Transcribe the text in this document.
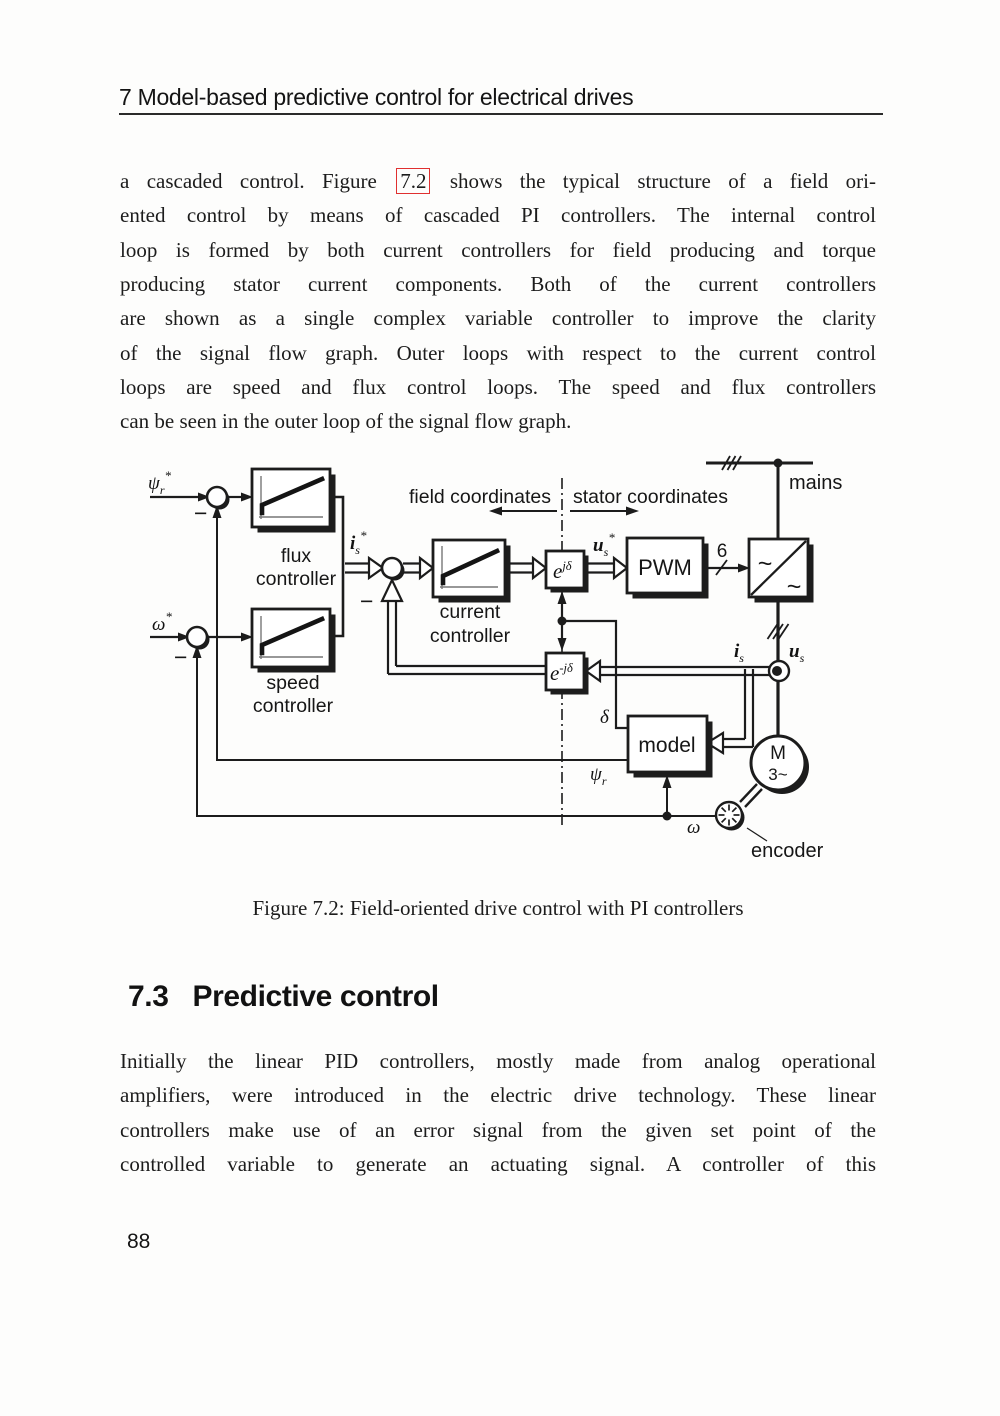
7 Model-based predictive control for electrical drives
a cascaded control. Figure 7.2 shows the typical structure of a field ori-
ented control by means of cascaded PI controllers. The internal control
loop is formed by both current controllers for field producing and torque
producing stator current components. Both of the current controllers
are shown as a single complex variable controller to improve the clarity
of the signal flow graph. Outer loops with respect to the current control
loops are speed and flux control loops. The speed and flux controllers
can be seen in the outer loop of the signal flow graph.
field coordinates stator coordinates
mains
6
flux
controller
speed
controller
current
controller
$e^{j\delta}$
$e^{-j\delta}$
PWM	~
~
model	M
3~
encoder
$\psi_r^*$
ω*
$i_s^*$	$u_s^*$
$i_s$ $u_s$
δ
$\psi_r$
ω
−
−
−
Figure 7.2: Field-oriented drive control with PI controllers
7.3 Predictive control
Initially the linear PID controllers, mostly made from analog operational
amplifiers, were introduced in the electric drive technology. These linear
controllers make use of an error signal from the given set point of the
controlled variable to generate an actuating signal. A controller of this
88
